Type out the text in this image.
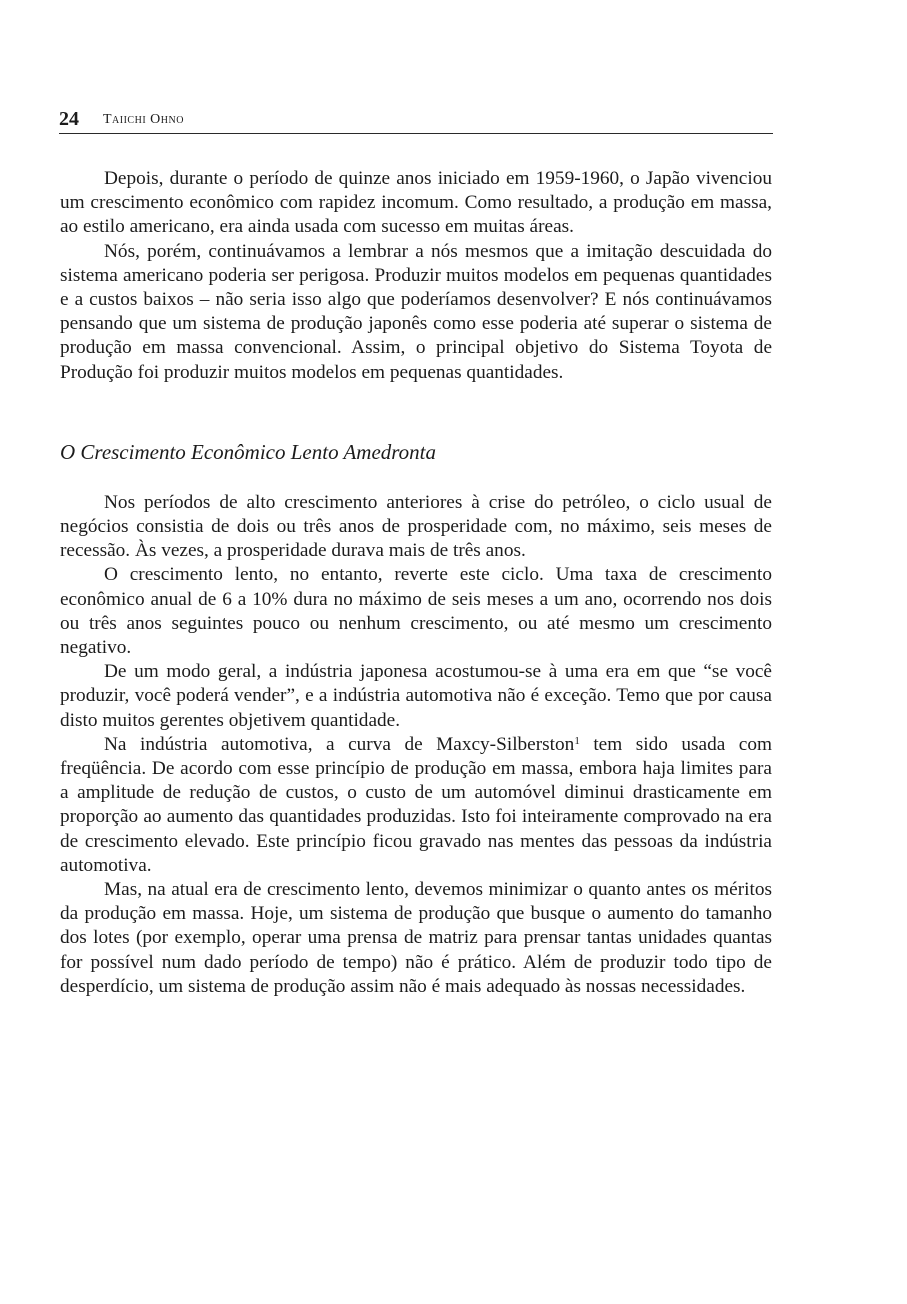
24 Taiichi Ohno

Depois, durante o período de quinze anos iniciado em 1959-1960, o Japão vivenciou um crescimento econômico com rapidez incomum. Como resultado, a produção em massa, ao estilo americano, era ainda usada com sucesso em muitas áreas.

Nós, porém, continuávamos a lembrar a nós mesmos que a imitação descuidada do sistema americano poderia ser perigosa. Produzir muitos modelos em pequenas quantidades e a custos baixos – não seria isso algo que poderíamos desenvolver? E nós continuávamos pensando que um sistema de produção japonês como esse poderia até superar o sistema de produção em massa convencional. Assim, o principal objetivo do Sistema Toyota de Produção foi produzir muitos modelos em pequenas quantidades.

O Crescimento Econômico Lento Amedronta

Nos períodos de alto crescimento anteriores à crise do petróleo, o ciclo usual de negócios consistia de dois ou três anos de prosperidade com, no máximo, seis meses de recessão. Às vezes, a prosperidade durava mais de três anos.

O crescimento lento, no entanto, reverte este ciclo. Uma taxa de crescimento econômico anual de 6 a 10% dura no máximo de seis meses a um ano, ocorrendo nos dois ou três anos seguintes pouco ou nenhum crescimento, ou até mesmo um crescimento negativo.

De um modo geral, a indústria japonesa acostumou-se à uma era em que “se você produzir, você poderá vender”, e a indústria automotiva não é exceção. Temo que por causa disto muitos gerentes objetivem quantidade.

Na indústria automotiva, a curva de Maxcy-Silberston$^1$ tem sido usada com freqüência. De acordo com esse princípio de produção em massa, embora haja limites para a amplitude de redução de custos, o custo de um automóvel diminui drasticamente em proporção ao aumento das quantidades produzidas. Isto foi inteiramente comprovado na era de crescimento elevado. Este princípio ficou gravado nas mentes das pessoas da indústria automotiva.

Mas, na atual era de crescimento lento, devemos minimizar o quanto antes os méritos da produção em massa. Hoje, um sistema de produção que busque o aumento do tamanho dos lotes (por exemplo, operar uma prensa de matriz para prensar tantas unidades quantas for possível num dado período de tempo) não é prático. Além de produzir todo tipo de desperdício, um sistema de produção assim não é mais adequado às nossas necessidades.
